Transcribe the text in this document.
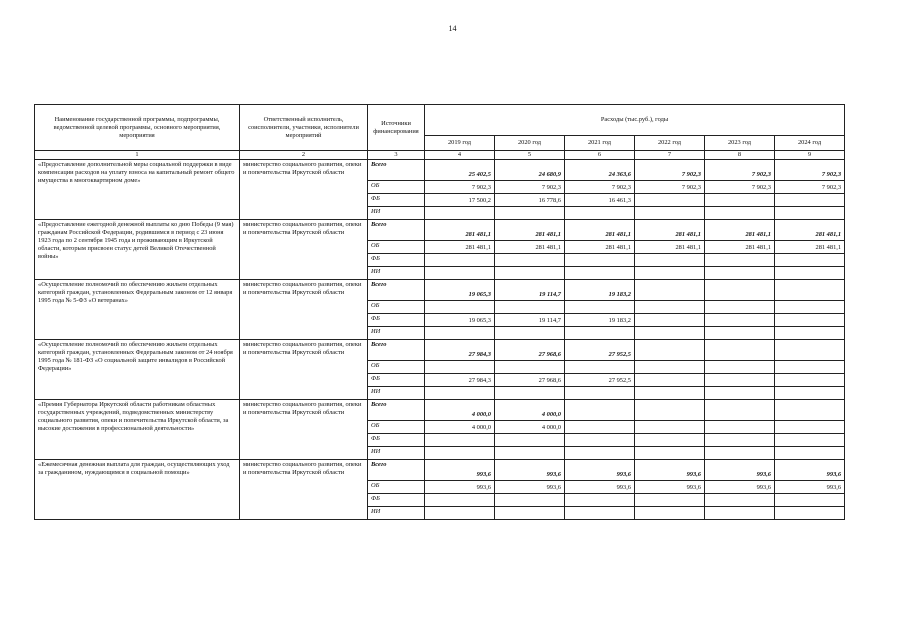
14
Наименование государственной программы, подпрограммы, ведомственной целевой программы, основного мероприятия, мероприятия	Ответственный исполнитель, соисполнители, участники, исполнители мероприятий	Источники финансирования	Расходы (тыс.руб.), годы					
			2019 год	2020 год	2021 год	2022 год	2023 год	2024 год
1	2	3	4	5	6	7	8	9
«Предоставление дополнительной меры социальной поддержки в виде компенсации расходов на уплату взноса на капитальный ремонт общего имущества в многоквартирном доме»	министерство социального развития, опеки и попечительства Иркутской области	Всего	25 402,5	24 680,9	24 363,6	7 902,3	7 902,3	7 902,3
		ОБ	7 902,3	7 902,3	7 902,3	7 902,3	7 902,3	7 902,3
		ФБ	17 500,2	16 778,6	16 461,3			
		ИИ						
«Предоставление ежегодной денежной выплаты ко дню Победы (9 мая) гражданам Российской Федерации, родившимся в период с 23 июня 1923 года по 2 сентября 1945 года и проживающим в Иркутской области, которым присвоен статус детей Великой Отечественной войны»	министерство социального развития, опеки и попечительства Иркутской области	Всего	281 481,1	281 481,1	281 481,1	281 481,1	281 481,1	281 481,1
		ОБ	281 481,1	281 481,1	281 481,1	281 481,1	281 481,1	281 481,1
		ФБ						
		ИИ						
«Осуществление полномочий по обеспечению жильем отдельных категорий граждан, установленных Федеральным законом от 12 января 1995 года № 5-ФЗ «О ветеранах»	министерство социального развития, опеки и попечительства Иркутской области	Всего	19 065,3	19 114,7	19 183,2			
		ОБ						
		ФБ	19 065,3	19 114,7	19 183,2			
		ИИ						
«Осуществление полномочий по обеспечению жильем отдельных категорий граждан, установленных Федеральным законом от 24 ноября 1995 года № 181-ФЗ «О социальной защите инвалидов в Российской Федерации»	министерство социального развития, опеки и попечительства Иркутской области	Всего	27 984,3	27 968,6	27 952,5			
		ОБ						
		ФБ	27 984,3	27 968,6	27 952,5			
		ИИ						
«Премия Губернатора Иркутской области работникам областных государственных учреждений, подведомственных министерству социального развития, опеки и попечительства Иркутской области, за высокие достижения в профессиональной деятельности»	министерство социального развития, опеки и попечительства Иркутской области	Всего	4 000,0	4 000,0				
		ОБ	4 000,0	4 000,0				
		ФБ						
		ИИ						
«Ежемесячная денежная выплата для граждан, осуществляющих уход за гражданином, нуждающимся в социальной помощи»	министерство социального развития, опеки и попечительства Иркутской области	Всего	993,6	993,6	993,6	993,6	993,6	993,6
		ОБ	993,6	993,6	993,6	993,6	993,6	993,6
		ФБ						
		ИИ						
